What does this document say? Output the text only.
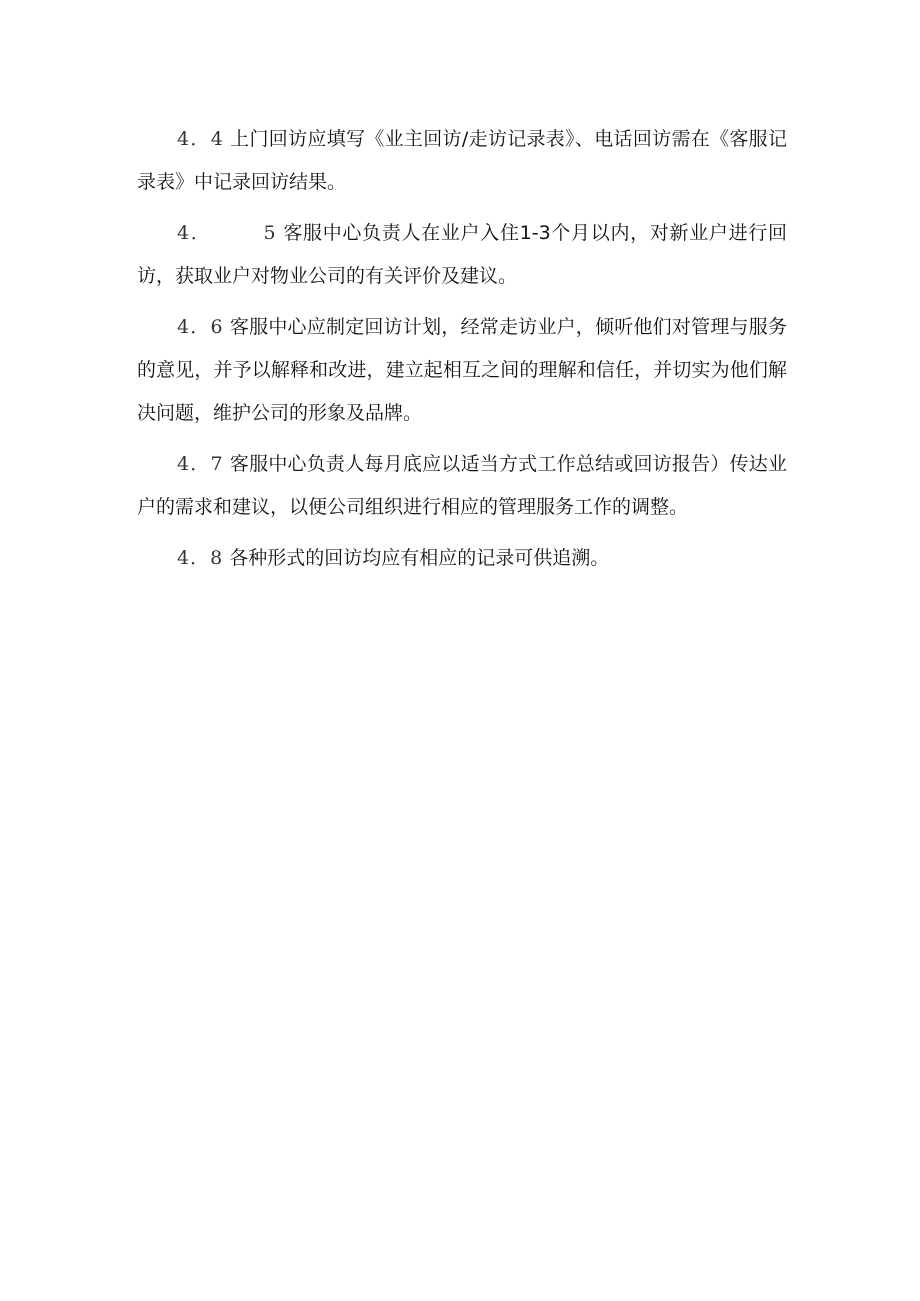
4．4 上门回访应填写《业主回访/走访记录表》、电话回访需在《客服记录表》中记录回访结果。

4．	5 客服中心负责人在业户入住1-3个月以内，对新业户进行回访，获取业户对物业公司的有关评价及建议。

4．6 客服中心应制定回访计划，经常走访业户，倾听他们对管理与服务的意见，并予以解释和改进，建立起相互之间的理解和信任，并切实为他们解决问题，维护公司的形象及品牌。

4．7 客服中心负责人每月底应以适当方式工作总结或回访报告）传达业户的需求和建议，以便公司组织进行相应的管理服务工作的调整。

4．8 各种形式的回访均应有相应的记录可供追溯。
